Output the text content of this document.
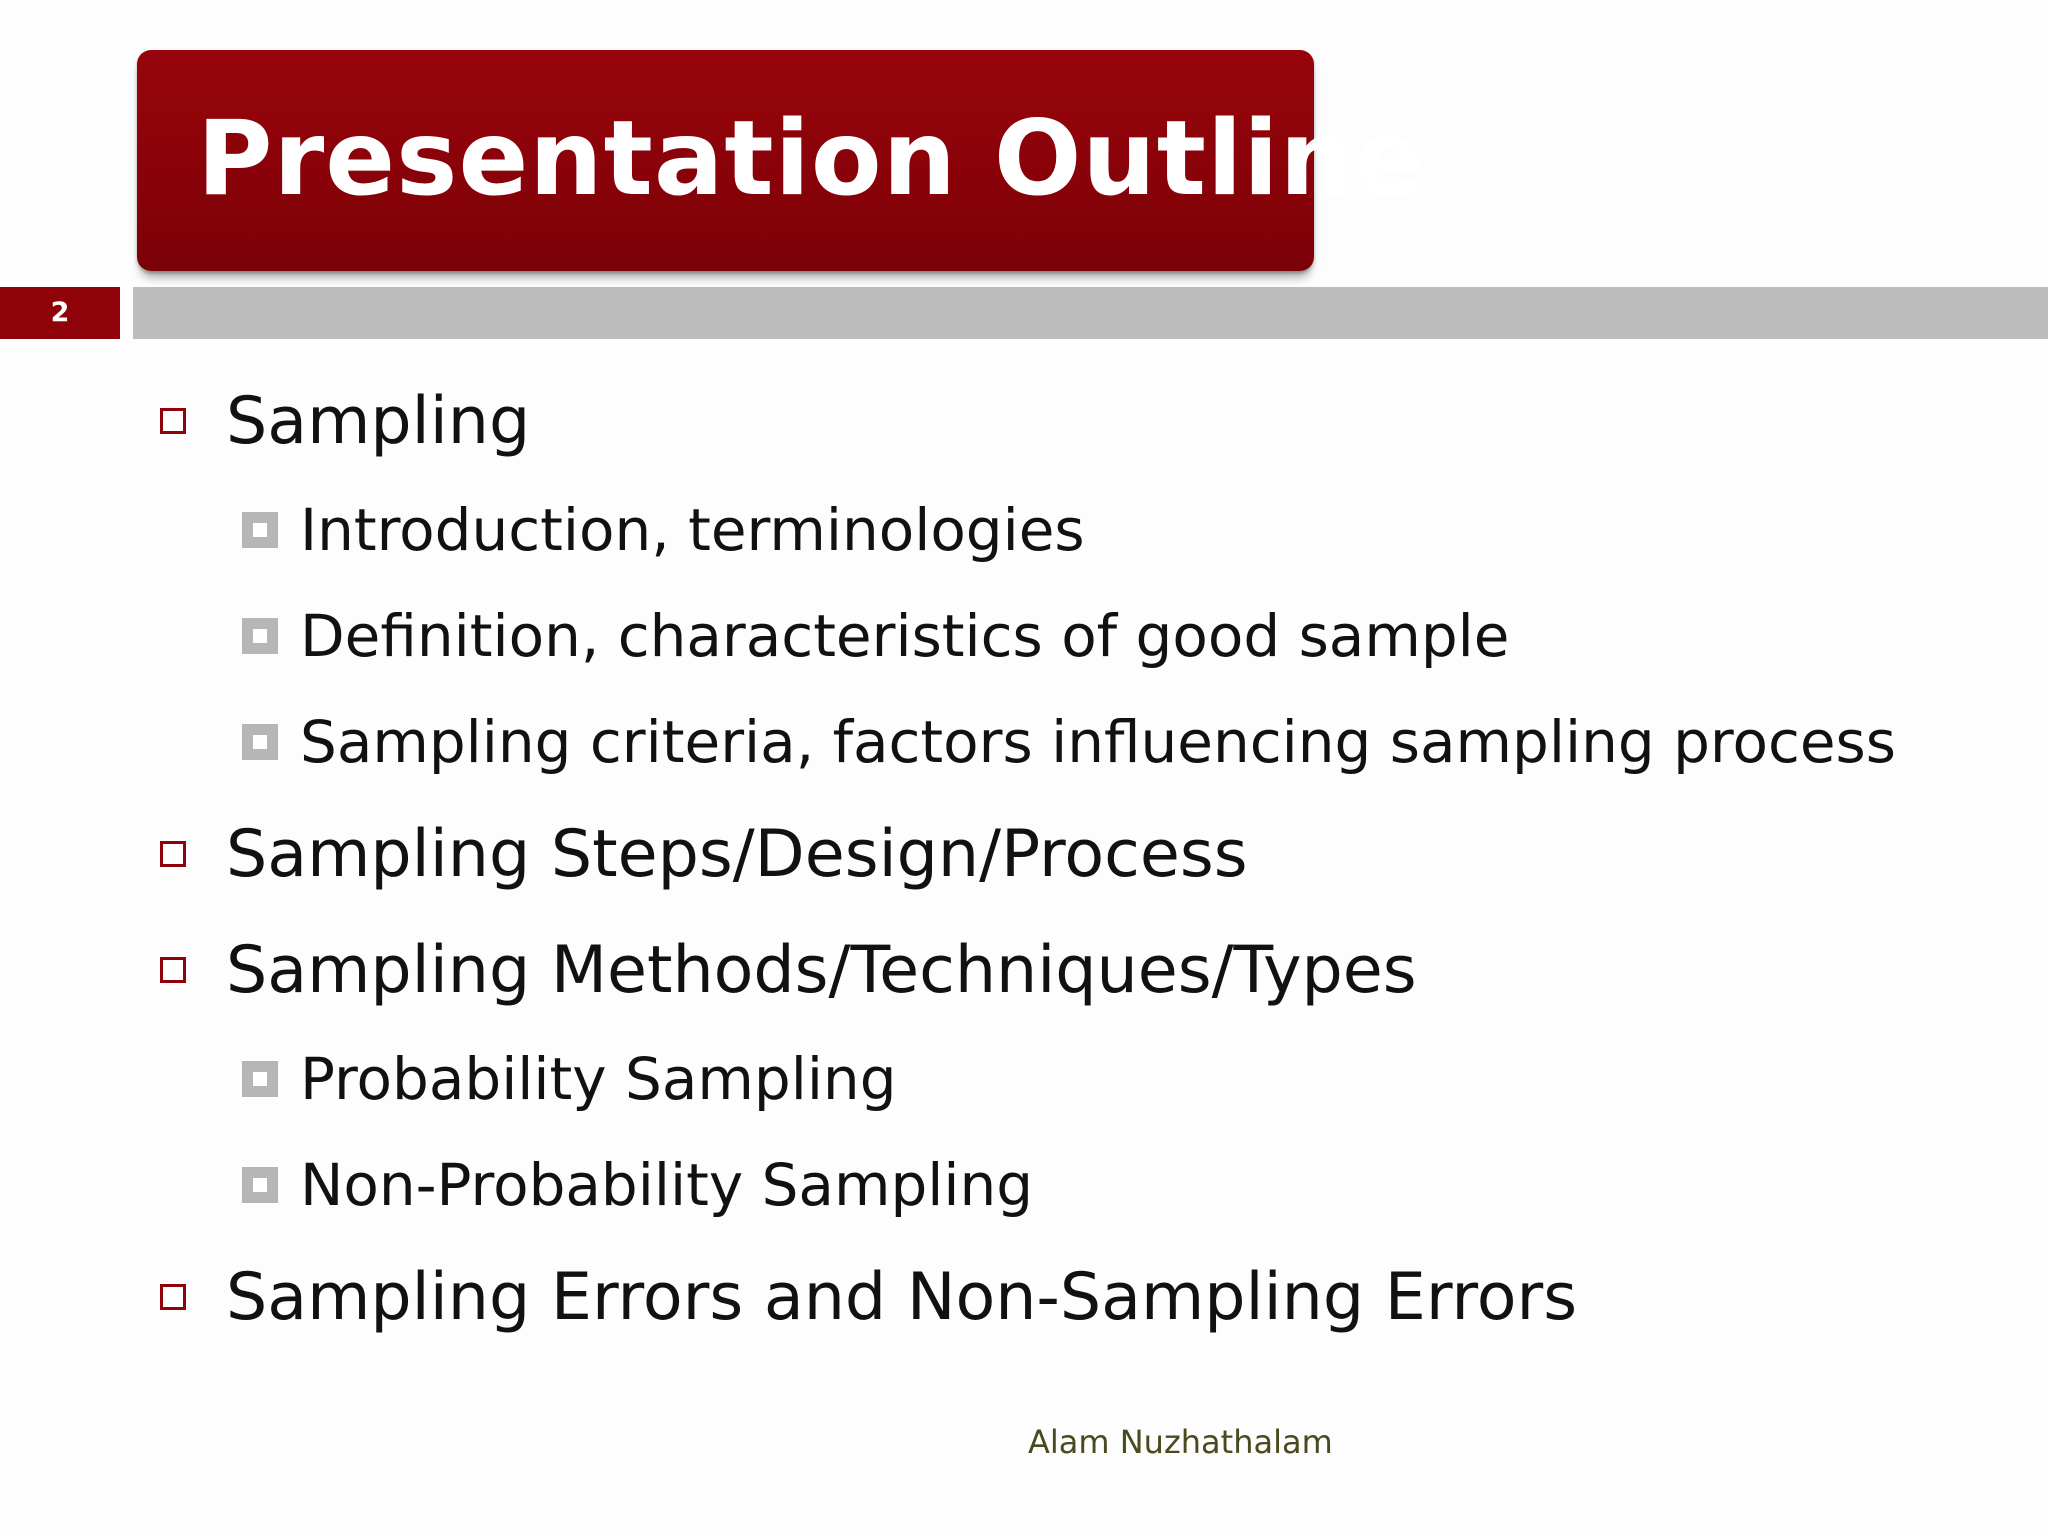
Presentation Outline
2
Sampling
Introduction, terminologies
Definition, characteristics of good sample
Sampling criteria, factors influencing sampling process
Sampling Steps/Design/Process
Sampling Methods/Techniques/Types
Probability Sampling
Non-Probability Sampling
Sampling Errors and Non-Sampling Errors
Alam Nuzhathalam
